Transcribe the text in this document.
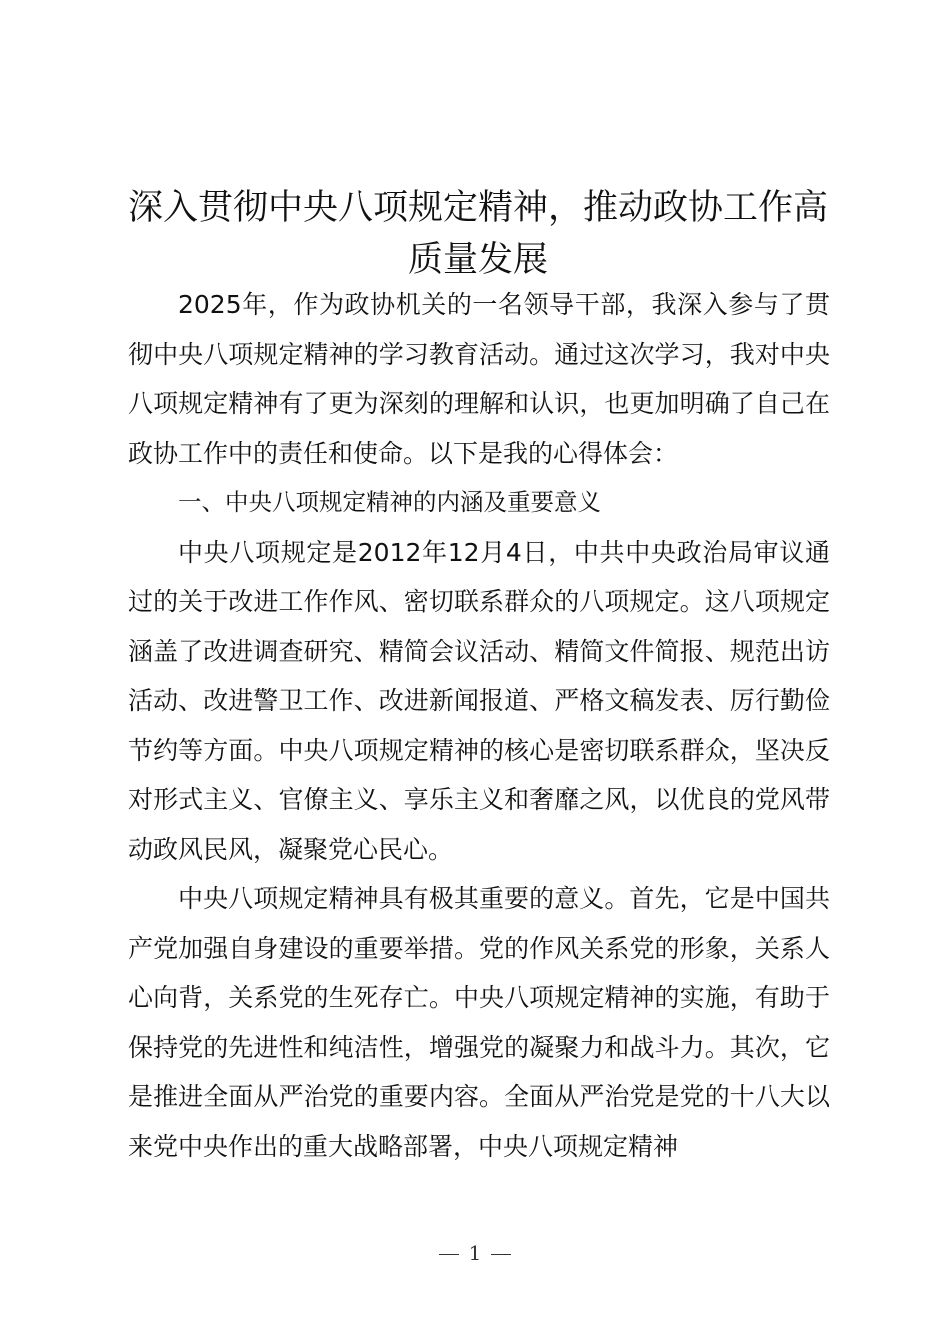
深入贯彻中央八项规定精神，推动政协工作高质量发展

2025年，作为政协机关的一名领导干部，我深入参与了贯彻中央八项规定精神的学习教育活动。通过这次学习，我对中央八项规定精神有了更为深刻的理解和认识，也更加明确了自己在政协工作中的责任和使命。以下是我的心得体会：

一、中央八项规定精神的内涵及重要意义

中央八项规定是2012年12月4日，中共中央政治局审议通过的关于改进工作作风、密切联系群众的八项规定。这八项规定涵盖了改进调查研究、精简会议活动、精简文件简报、规范出访活动、改进警卫工作、改进新闻报道、严格文稿发表、厉行勤俭节约等方面。中央八项规定精神的核心是密切联系群众，坚决反对形式主义、官僚主义、享乐主义和奢靡之风，以优良的党风带动政风民风，凝聚党心民心。

中央八项规定精神具有极其重要的意义。首先，它是中国共产党加强自身建设的重要举措。党的作风关系党的形象，关系人心向背，关系党的生死存亡。中央八项规定精神的实施，有助于保持党的先进性和纯洁性，增强党的凝聚力和战斗力。其次，它是推进全面从严治党的重要内容。全面从严治党是党的十八大以来党中央作出的重大战略部署，中央八项规定精神

1
